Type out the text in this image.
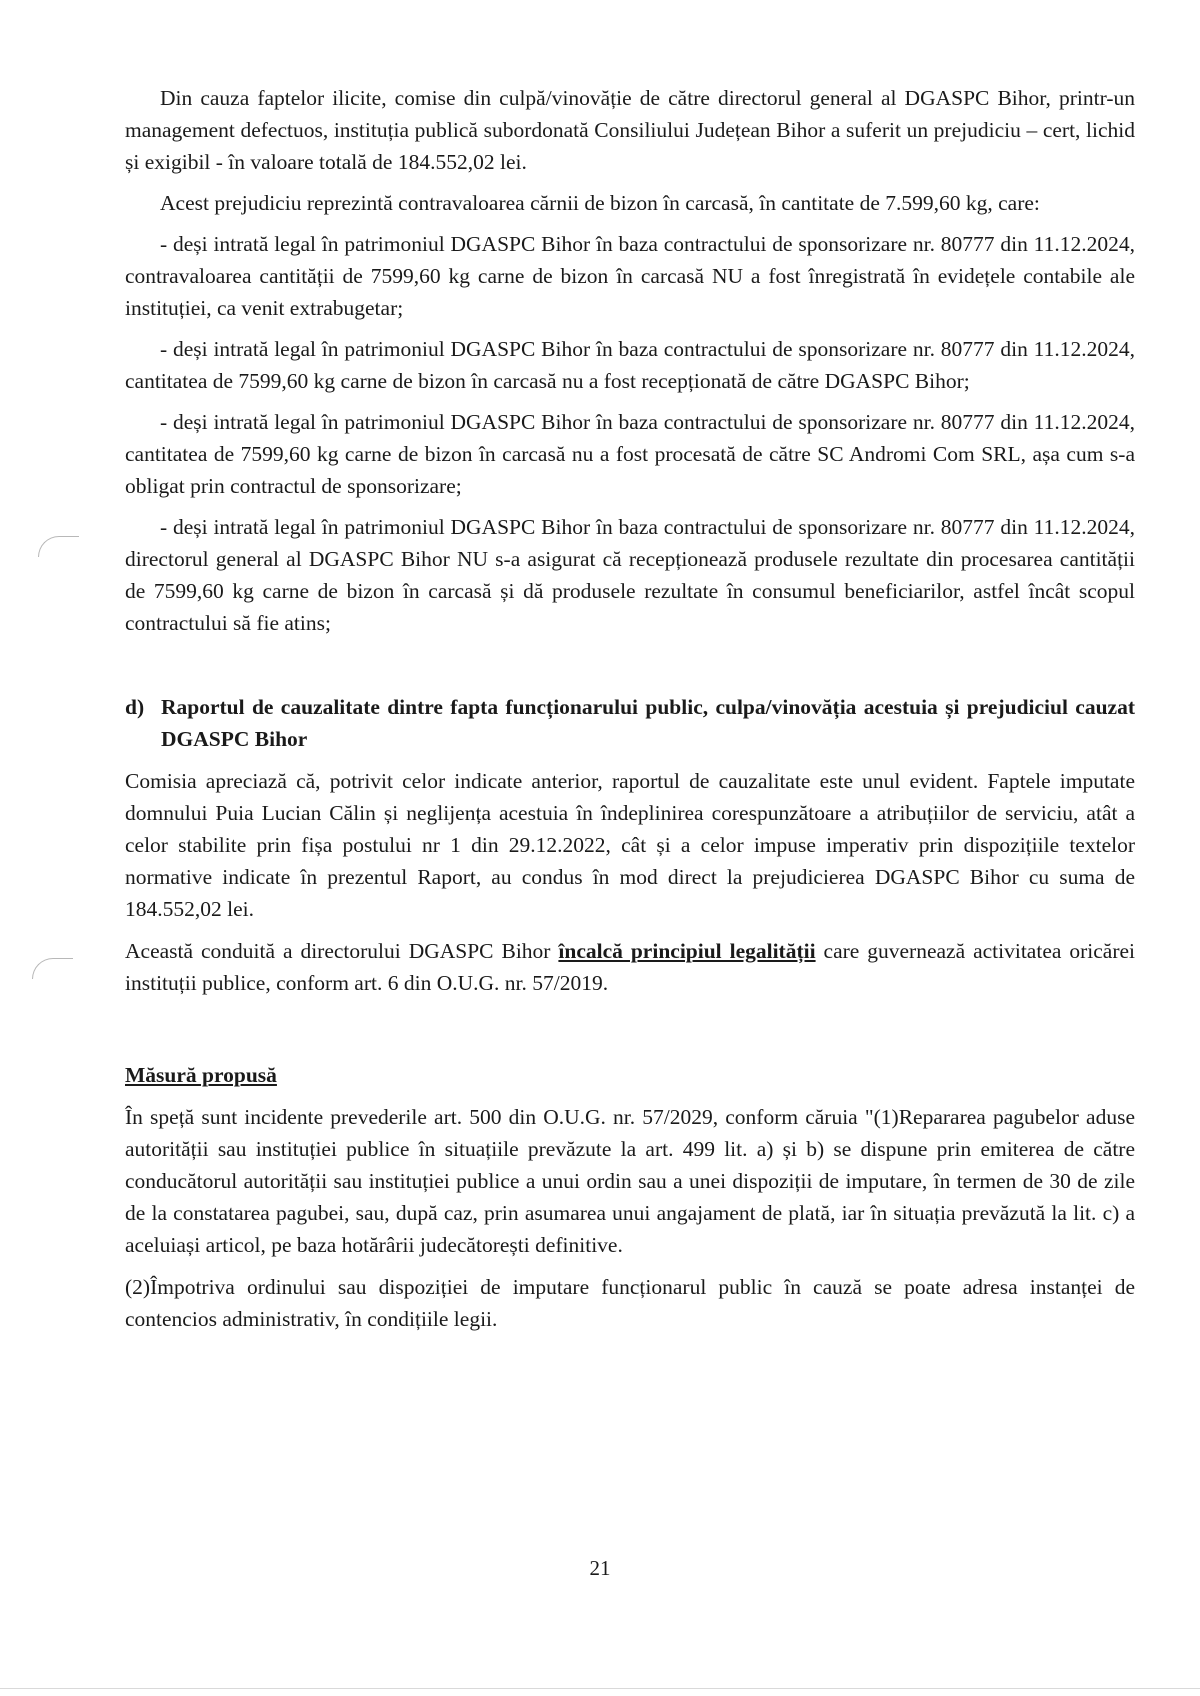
Din cauza faptelor ilicite, comise din culpă/vinovăție de către directorul general al DGASPC Bihor, printr-un management defectuos, instituția publică subordonată Consiliului Județean Bihor a suferit un prejudiciu – cert, lichid și exigibil - în valoare totală de 184.552,02 lei.

Acest prejudiciu reprezintă contravaloarea cărnii de bizon în carcasă, în cantitate de 7.599,60 kg, care:

- deși intrată legal în patrimoniul DGASPC Bihor în baza contractului de sponsorizare nr. 80777 din 11.12.2024, contravaloarea cantității de 7599,60 kg carne de bizon în carcasă NU a fost înregistrată în evidețele contabile ale instituției, ca venit extrabugetar;

- deși intrată legal în patrimoniul DGASPC Bihor în baza contractului de sponsorizare nr. 80777 din 11.12.2024, cantitatea de 7599,60 kg carne de bizon în carcasă nu a fost recepționată de către DGASPC Bihor;

- deși intrată legal în patrimoniul DGASPC Bihor în baza contractului de sponsorizare nr. 80777 din 11.12.2024, cantitatea de 7599,60 kg carne de bizon în carcasă nu a fost procesată de către SC Andromi Com SRL, așa cum s-a obligat prin contractul de sponsorizare;

- deși intrată legal în patrimoniul DGASPC Bihor în baza contractului de sponsorizare nr. 80777 din 11.12.2024, directorul general al DGASPC Bihor NU s-a asigurat că recepționează produsele rezultate din procesarea cantității de 7599,60 kg carne de bizon în carcasă și dă produsele rezultate în consumul beneficiarilor, astfel încât scopul contractului să fie atins;

d) Raportul de cauzalitate dintre fapta funcționarului public, culpa/vinovăția acestuia și prejudiciul cauzat DGASPC Bihor

Comisia apreciază că, potrivit celor indicate anterior, raportul de cauzalitate este unul evident. Faptele imputate domnului Puia Lucian Călin și neglijența acestuia în îndeplinirea corespunzătoare a atribuțiilor de serviciu, atât a celor stabilite prin fișa postului nr 1 din 29.12.2022, cât și a celor impuse imperativ prin dispozițiile textelor normative indicate în prezentul Raport, au condus în mod direct la prejudicierea DGASPC Bihor cu suma de 184.552,02 lei.

Această conduită a directorului DGASPC Bihor încalcă principiul legalității care guvernează activitatea oricărei instituții publice, conform art. 6 din O.U.G. nr. 57/2019.

Măsură propusă

În speță sunt incidente prevederile art. 500 din O.U.G. nr. 57/2029, conform căruia "(1)Repararea pagubelor aduse autorității sau instituției publice în situațiile prevăzute la art. 499 lit. a) și b) se dispune prin emiterea de către conducătorul autorității sau instituției publice a unui ordin sau a unei dispoziții de imputare, în termen de 30 de zile de la constatarea pagubei, sau, după caz, prin asumarea unui angajament de plată, iar în situația prevăzută la lit. c) a aceluiași articol, pe baza hotărârii judecătorești definitive.

(2)Împotriva ordinului sau dispoziției de imputare funcționarul public în cauză se poate adresa instanței de contencios administrativ, în condițiile legii.

21
